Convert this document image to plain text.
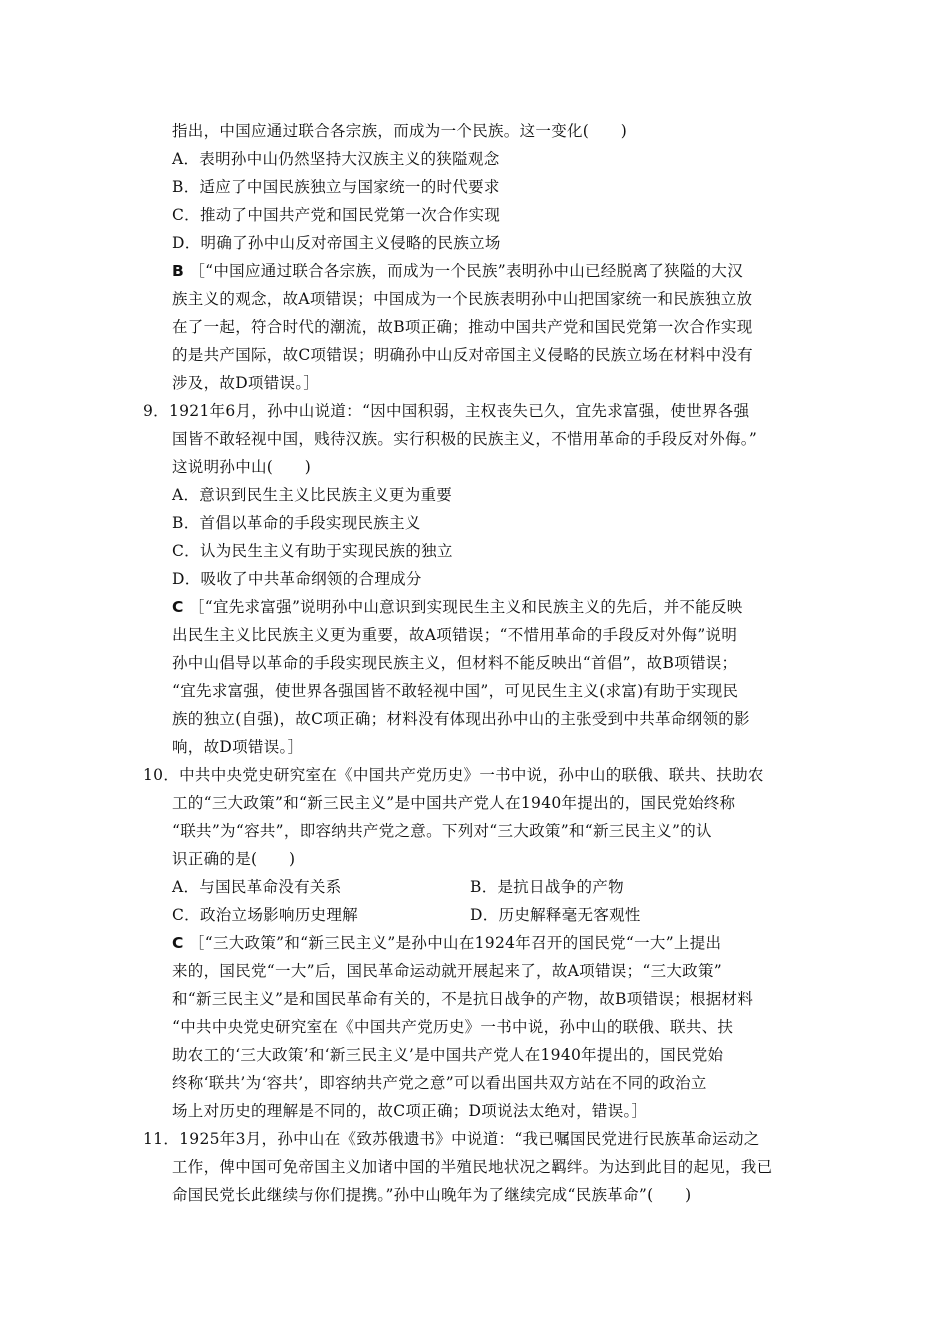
指出，中国应通过联合各宗族，而成为一个民族。这一变化(　　)
A．表明孙中山仍然坚持大汉族主义的狭隘观念
B．适应了中国民族独立与国家统一的时代要求
C．推动了中国共产党和国民党第一次合作实现
D．明确了孙中山反对帝国主义侵略的民族立场
B ［“中国应通过联合各宗族，而成为一个民族”表明孙中山已经脱离了狭隘的大汉
族主义的观念，故A项错误；中国成为一个民族表明孙中山把国家统一和民族独立放
在了一起，符合时代的潮流，故B项正确；推动中国共产党和国民党第一次合作实现
的是共产国际，故C项错误；明确孙中山反对帝国主义侵略的民族立场在材料中没有
涉及，故D项错误。］
9．1921年6月，孙中山说道：“因中国积弱，主权丧失已久，宜先求富强，使世界各强
国皆不敢轻视中国，贱待汉族。实行积极的民族主义，不惜用革命的手段反对外侮。”
这说明孙中山(　　)
A．意识到民生主义比民族主义更为重要
B．首倡以革命的手段实现民族主义
C．认为民生主义有助于实现民族的独立
D．吸收了中共革命纲领的合理成分
C ［“宜先求富强”说明孙中山意识到实现民生主义和民族主义的先后，并不能反映
出民生主义比民族主义更为重要，故A项错误；“不惜用革命的手段反对外侮”说明
孙中山倡导以革命的手段实现民族主义，但材料不能反映出“首倡”，故B项错误；
“宜先求富强，使世界各强国皆不敢轻视中国”，可见民生主义(求富)有助于实现民
族的独立(自强)，故C项正确；材料没有体现出孙中山的主张受到中共革命纲领的影
响，故D项错误。］
10．中共中央党史研究室在《中国共产党历史》一书中说，孙中山的联俄、联共、扶助农
工的“三大政策”和“新三民主义”是中国共产党人在1940年提出的，国民党始终称
“联共”为“容共”，即容纳共产党之意。下列对“三大政策”和“新三民主义”的认
识正确的是(　　)
A．与国民革命没有关系	B．是抗日战争的产物
C．政治立场影响历史理解	D．历史解释毫无客观性
C ［“三大政策”和“新三民主义”是孙中山在1924年召开的国民党“一大”上提出
来的，国民党“一大”后，国民革命运动就开展起来了，故A项错误；“三大政策”
和“新三民主义”是和国民革命有关的，不是抗日战争的产物，故B项错误；根据材料
“中共中央党史研究室在《中国共产党历史》一书中说，孙中山的联俄、联共、扶
助农工的‘三大政策’和‘新三民主义’是中国共产党人在1940年提出的，国民党始
终称‘联共’为‘容共’，即容纳共产党之意”可以看出国共双方站在不同的政治立
场上对历史的理解是不同的，故C项正确；D项说法太绝对，错误。］
11．1925年3月，孙中山在《致苏俄遗书》中说道：“我已嘱国民党进行民族革命运动之
工作，俾中国可免帝国主义加诸中国的半殖民地状况之羁绊。为达到此目的起见，我已
命国民党长此继续与你们提携。”孙中山晚年为了继续完成“民族革命”(　　)
